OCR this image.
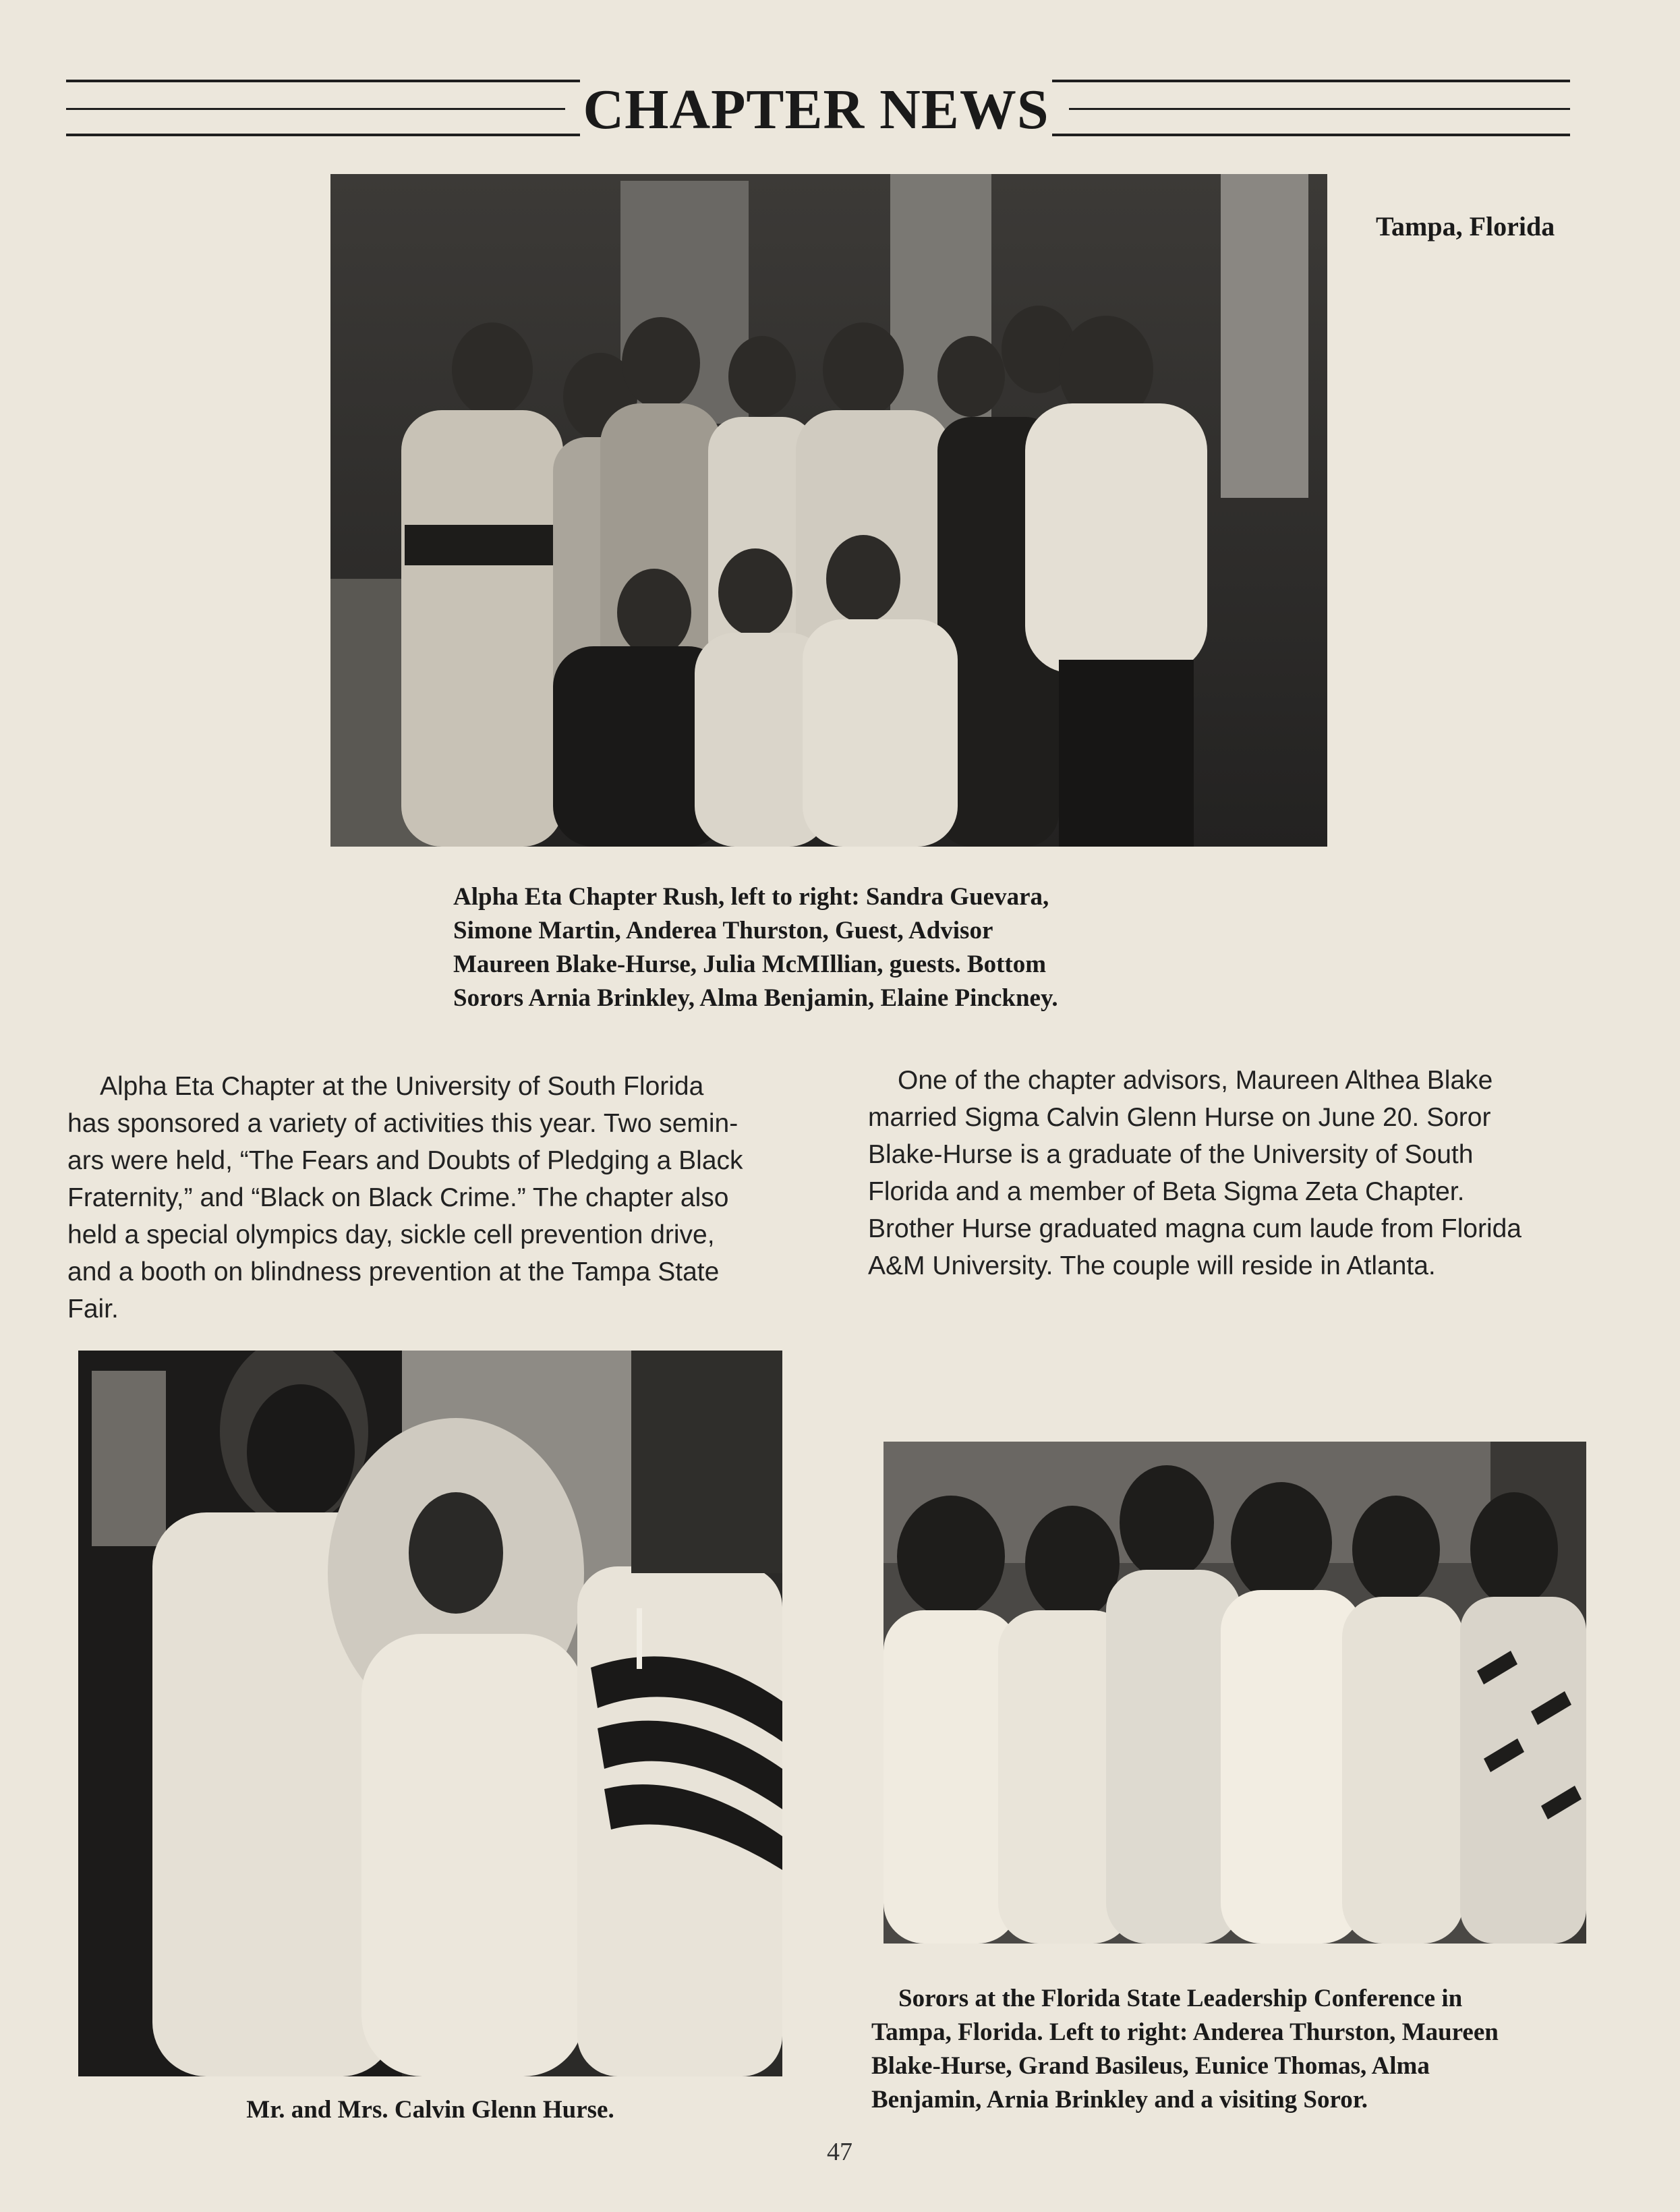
CHAPTER NEWS
Tampa, Florida
Alpha Eta Chapter Rush, left to right: Sandra Guevara,
Simone Martin, Anderea Thurston, Guest, Advisor
Maureen Blake-Hurse, Julia McMIllian, guests. Bottom
Sorors Arnia Brinkley, Alma Benjamin, Elaine Pinckney.
Alpha Eta Chapter at the University of South Florida
has sponsored a variety of activities this year. Two semin-
ars were held, “The Fears and Doubts of Pledging a Black
Fraternity,” and “Black on Black Crime.” The chapter also
held a special olympics day, sickle cell prevention drive,
and a booth on blindness prevention at the Tampa State
Fair.
One of the chapter advisors, Maureen Althea Blake
married Sigma Calvin Glenn Hurse on June 20. Soror
Blake-Hurse is a graduate of the University of South
Florida and a member of Beta Sigma Zeta Chapter.
Brother Hurse graduated magna cum laude from Florida
A&M University. The couple will reside in Atlanta.
Mr. and Mrs. Calvin Glenn Hurse.
Sorors at the Florida State Leadership Conference in
Tampa, Florida. Left to right: Anderea Thurston, Maureen
Blake-Hurse, Grand Basileus, Eunice Thomas, Alma
Benjamin, Arnia Brinkley and a visiting Soror.
47
